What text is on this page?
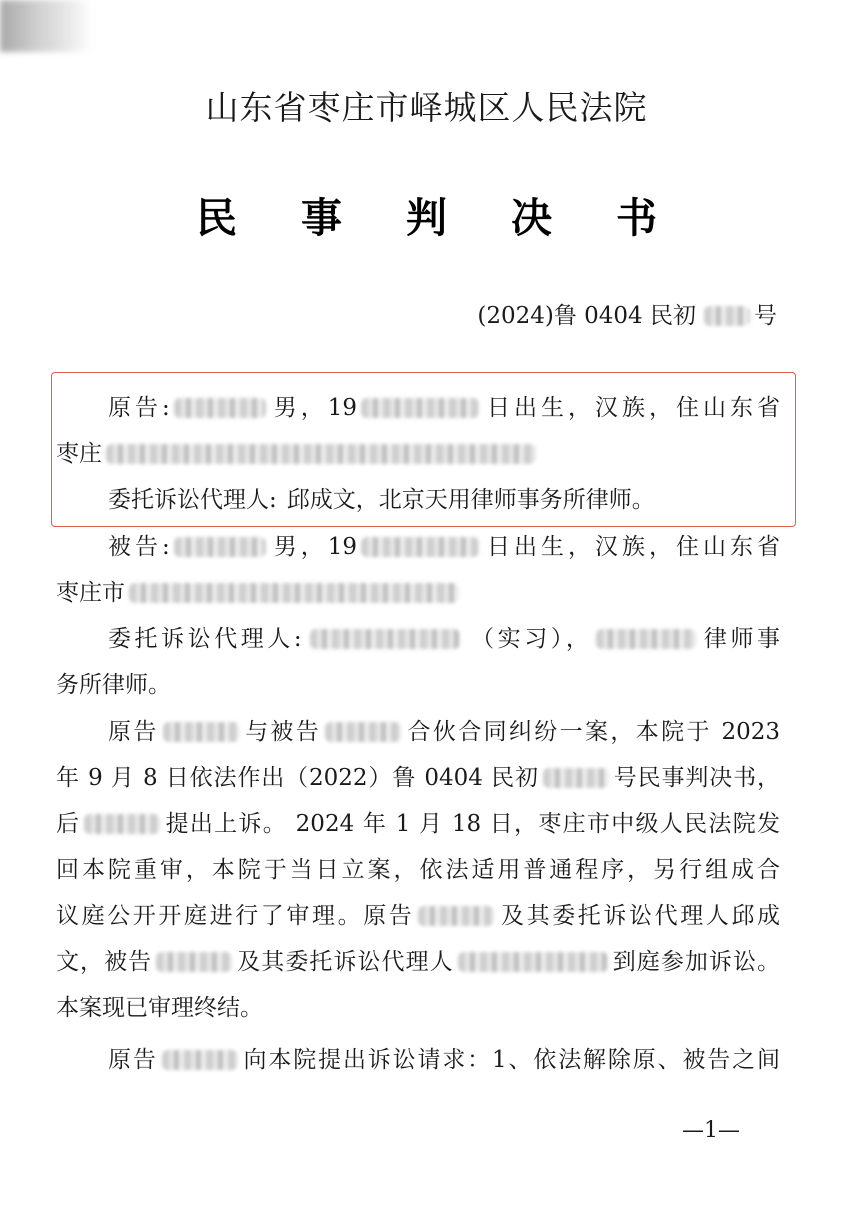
山东省枣庄市峄城区人民法院
民事判决书
(2024)鲁 0404 民初	号
原告:	男，19	日出生，汉族，住山东省
枣庄
委托诉讼代理人: 邱成文，北京天用律师事务所律师。
被告:	男，19	日出生，汉族，住山东省
枣庄市
委托诉讼代理人:	（实习），	律师事
务所律师。
原告	与被告	合伙合同纠纷一案，本院于 2023
年 9 月 8 日依法作出（2022）鲁 0404 民初	号民事判决书，
后	提出上诉。 2024 年 1 月 18 日，枣庄市中级人民法院发
回本院重审，本院于当日立案，依法适用普通程序，另行组成合
议庭公开开庭进行了审理。原告	及其委托诉讼代理人邱成
文，被告	及其委托诉讼代理人	到庭参加诉讼。
本案现已审理终结。
原告	向本院提出诉讼请求：1、依法解除原、被告之间
—1—
